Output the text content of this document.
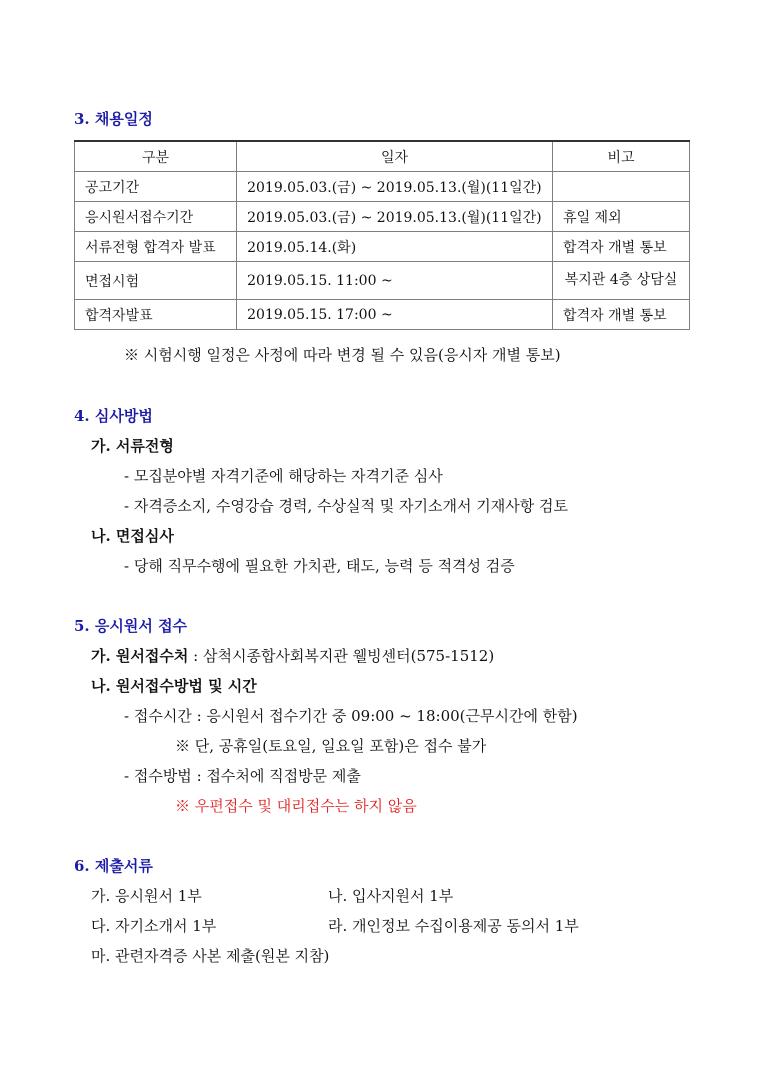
3. 채용일정
구분	일자	비고
공고기간	2019.05.03.(금) ~ 2019.05.13.(월)(11일간)	
응시원서접수기간	2019.05.03.(금) ~ 2019.05.13.(월)(11일간)	휴일 제외
서류전형 합격자 발표	2019.05.14.(화)	합격자 개별 통보
면접시험	2019.05.15. 11:00 ~	복지관 4층 상담실
합격자발표	2019.05.15. 17:00 ~	합격자 개별 통보
※ 시험시행 일정은 사정에 따라 변경 될 수 있음(응시자 개별 통보)
4. 심사방법
가. 서류전형
- 모집분야별 자격기준에 해당하는 자격기준 심사
- 자격증소지, 수영강습 경력, 수상실적 및 자기소개서 기재사항 검토
나. 면접심사
- 당해 직무수행에 필요한 가치관, 태도, 능력 등 적격성 검증
5. 응시원서 접수
가. 원서접수처 : 삼척시종합사회복지관 웰빙센터(575-1512)
나. 원서접수방법 및 시간
- 접수시간 : 응시원서 접수기간 중 09:00 ~ 18:00(근무시간에 한함)
※ 단, 공휴일(토요일, 일요일 포함)은 접수 불가
- 접수방법 : 접수처에 직접방문 제출
※ 우편접수 및 대리접수는 하지 않음
6. 제출서류
가. 응시원서 1부	나. 입사지원서 1부
다. 자기소개서 1부	라. 개인정보 수집이용제공 동의서 1부
마. 관련자격증 사본 제출(원본 지참)
